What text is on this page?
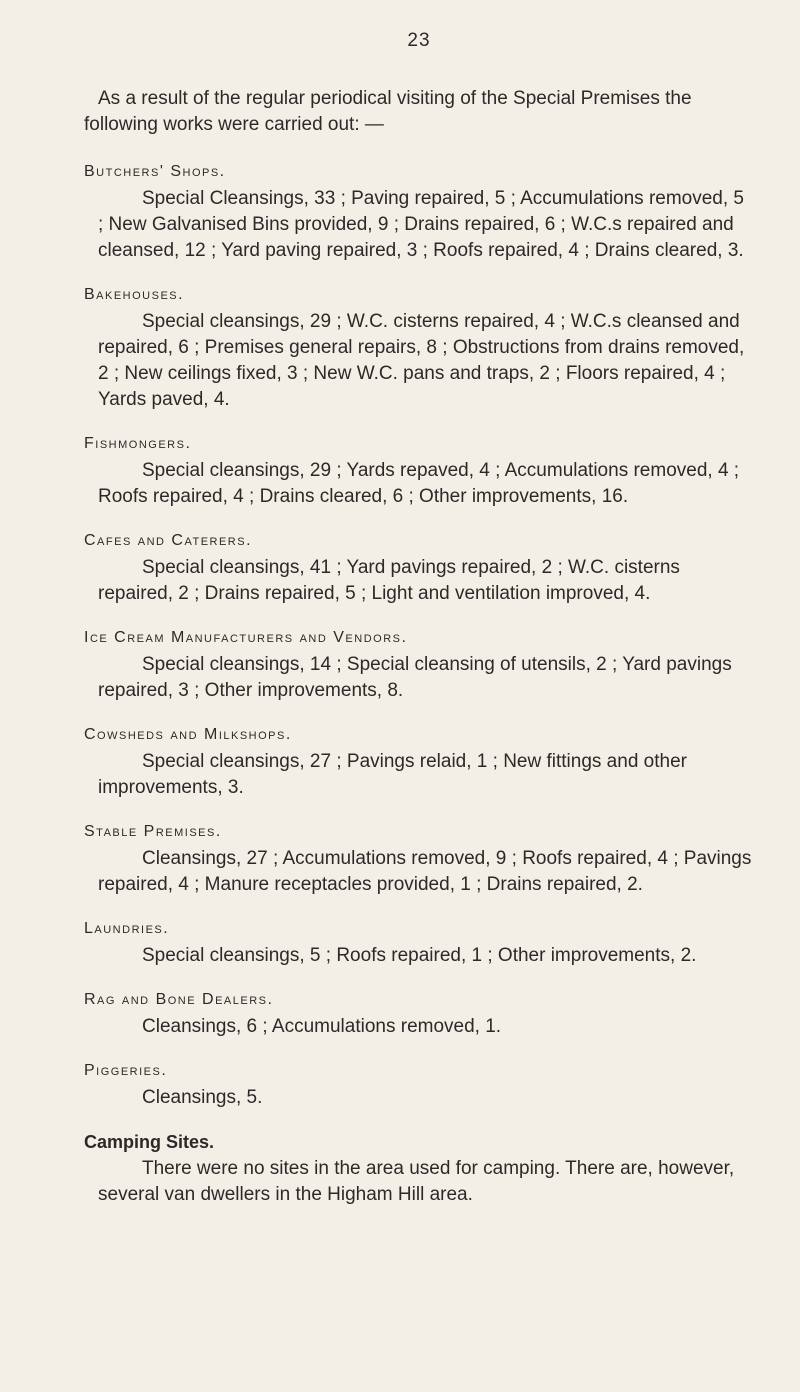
23

As a result of the regular periodical visiting of the Special Premises the following works were carried out: —

Butchers' Shops.

Special Cleansings, 33 ; Paving repaired, 5 ; Accumulations removed, 5 ; New Galvanised Bins provided, 9 ; Drains repaired, 6 ; W.C.s repaired and cleansed, 12 ; Yard paving repaired, 3 ; Roofs repaired, 4 ; Drains cleared, 3.

Bakehouses.

Special cleansings, 29 ; W.C. cisterns repaired, 4 ; W.C.s cleansed and repaired, 6 ; Premises general repairs, 8 ; Obstructions from drains removed, 2 ; New ceilings fixed, 3 ; New W.C. pans and traps, 2 ; Floors repaired, 4 ; Yards paved, 4.

Fishmongers.

Special cleansings, 29 ; Yards repaved, 4 ; Accumulations removed, 4 ; Roofs repaired, 4 ; Drains cleared, 6 ; Other improvements, 16.

Cafes and Caterers.

Special cleansings, 41 ; Yard pavings repaired, 2 ; W.C. cisterns repaired, 2 ; Drains repaired, 5 ; Light and ventilation improved, 4.

Ice Cream Manufacturers and Vendors.

Special cleansings, 14 ; Special cleansing of utensils, 2 ; Yard pavings repaired, 3 ; Other improvements, 8.

Cowsheds and Milkshops.

Special cleansings, 27 ; Pavings relaid, 1 ; New fittings and other improvements, 3.

Stable Premises.

Cleansings, 27 ; Accumulations removed, 9 ; Roofs repaired, 4 ; Pavings repaired, 4 ; Manure receptacles provided, 1 ; Drains repaired, 2.

Laundries.

Special cleansings, 5 ; Roofs repaired, 1 ; Other improvements, 2.

Rag and Bone Dealers.

Cleansings, 6 ; Accumulations removed, 1.

Piggeries.

Cleansings, 5.

Camping Sites.

There were no sites in the area used for camping. There are, however, several van dwellers in the Higham Hill area.
